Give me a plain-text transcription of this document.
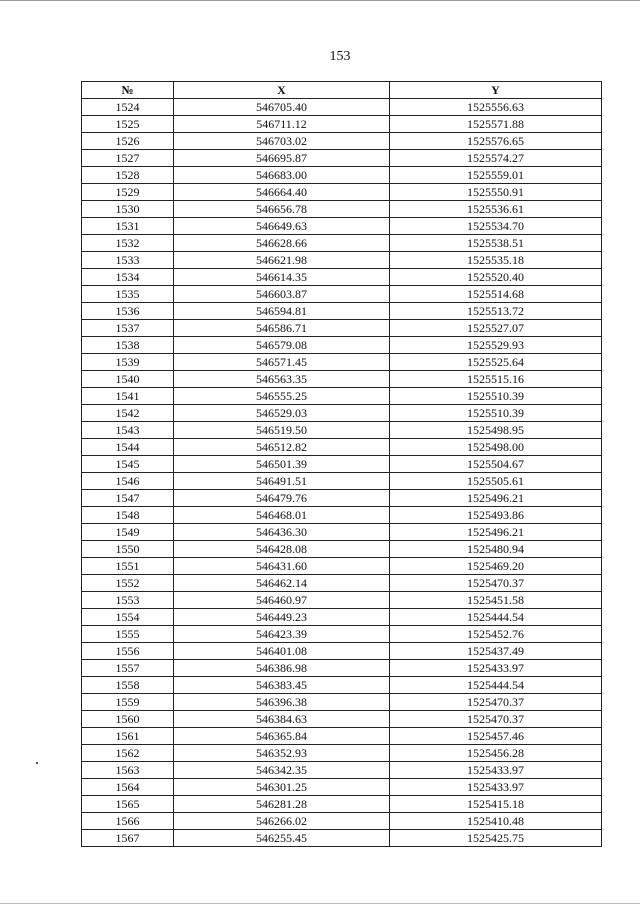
153
№	X	Y
1524	546705.40	1525556.63
1525	546711.12	1525571.88
1526	546703.02	1525576.65
1527	546695.87	1525574.27
1528	546683.00	1525559.01
1529	546664.40	1525550.91
1530	546656.78	1525536.61
1531	546649.63	1525534.70
1532	546628.66	1525538.51
1533	546621.98	1525535.18
1534	546614.35	1525520.40
1535	546603.87	1525514.68
1536	546594.81	1525513.72
1537	546586.71	1525527.07
1538	546579.08	1525529.93
1539	546571.45	1525525.64
1540	546563.35	1525515.16
1541	546555.25	1525510.39
1542	546529.03	1525510.39
1543	546519.50	1525498.95
1544	546512.82	1525498.00
1545	546501.39	1525504.67
1546	546491.51	1525505.61
1547	546479.76	1525496.21
1548	546468.01	1525493.86
1549	546436.30	1525496.21
1550	546428.08	1525480.94
1551	546431.60	1525469.20
1552	546462.14	1525470.37
1553	546460.97	1525451.58
1554	546449.23	1525444.54
1555	546423.39	1525452.76
1556	546401.08	1525437.49
1557	546386.98	1525433.97
1558	546383.45	1525444.54
1559	546396.38	1525470.37
1560	546384.63	1525470.37
1561	546365.84	1525457.46
1562	546352.93	1525456.28
1563	546342.35	1525433.97
1564	546301.25	1525433.97
1565	546281.28	1525415.18
1566	546266.02	1525410.48
1567	546255.45	1525425.75
